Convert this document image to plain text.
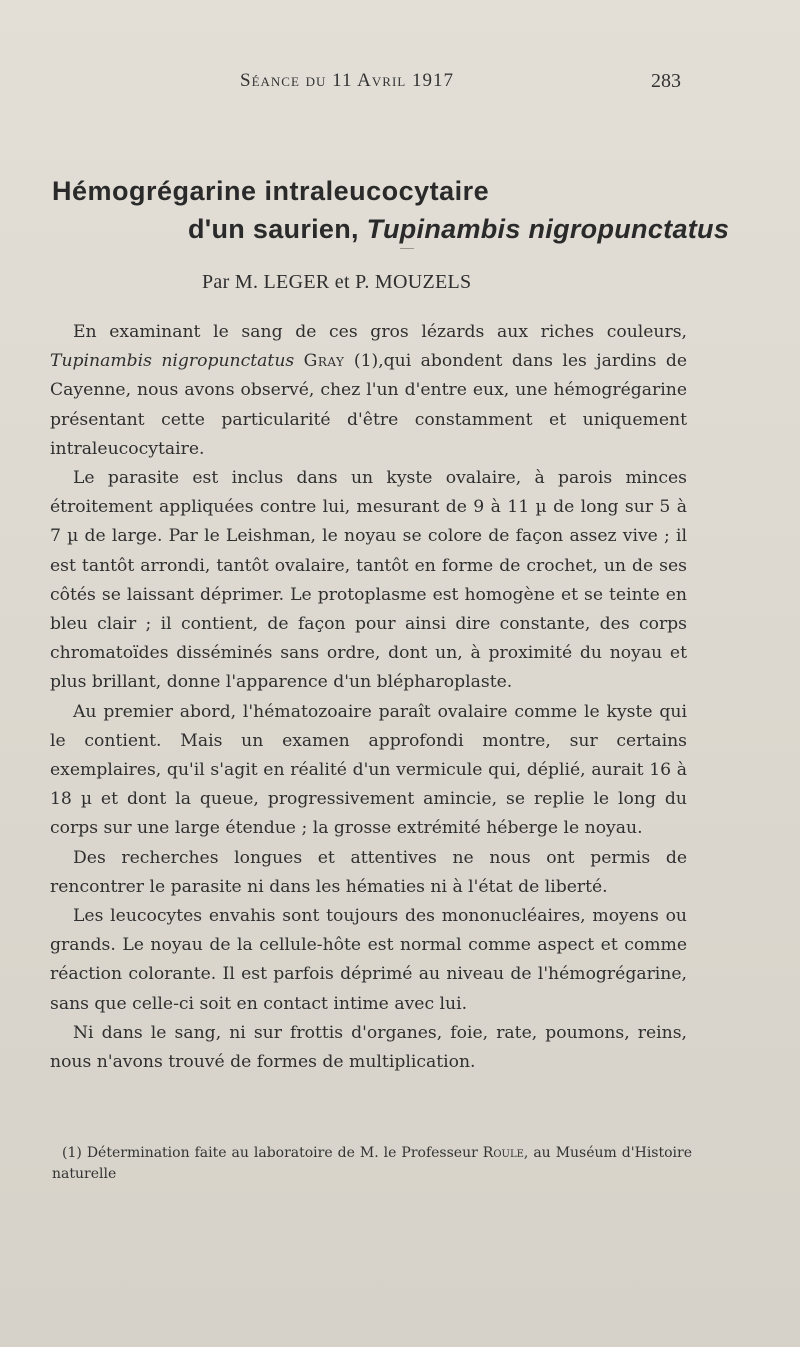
Séance du 11 Avril 1917	283
Hémogrégarine intraleucocytaire
d'un saurien, Tupinambis nigropunctatus
Par M. LEGER et P. MOUZELS

En examinant le sang de ces gros lézards aux riches couleurs, Tupinambis nigropunctatus Gray (1),qui abondent dans les jardins de Cayenne, nous avons observé, chez l'un d'entre eux, une hémogrégarine présentant cette particularité d'être constamment et uniquement intraleucocytaire.

Le parasite est inclus dans un kyste ovalaire, à parois minces étroitement appliquées contre lui, mesurant de 9 à 11 µ de long sur 5 à 7 µ de large. Par le Leishman, le noyau se colore de façon assez vive ; il est tantôt arrondi, tantôt ovalaire, tantôt en forme de crochet, un de ses côtés se laissant déprimer. Le protoplasme est homogène et se teinte en bleu clair ; il contient, de façon pour ainsi dire constante, des corps chromatoïdes disséminés sans ordre, dont un, à proximité du noyau et plus brillant, donne l'apparence d'un blépharoplaste.

Au premier abord, l'hématozoaire paraît ovalaire comme le kyste qui le contient. Mais un examen approfondi montre, sur certains exemplaires, qu'il s'agit en réalité d'un vermicule qui, déplié, aurait 16 à 18 µ et dont la queue, progressivement amincie, se replie le long du corps sur une large étendue ; la grosse extrémité héberge le noyau.

Des recherches longues et attentives ne nous ont permis de rencontrer le parasite ni dans les hématies ni à l'état de liberté.

Les leucocytes envahis sont toujours des mononucléaires, moyens ou grands. Le noyau de la cellule-hôte est normal comme aspect et comme réaction colorante. Il est parfois déprimé au niveau de l'hémogrégarine, sans que celle-ci soit en contact intime avec lui.

Ni dans le sang, ni sur frottis d'organes, foie, rate, poumons, reins, nous n'avons trouvé de formes de multiplication.

(1) Détermination faite au laboratoire de M. le Professeur Roule, au Muséum d'Histoire naturelle
